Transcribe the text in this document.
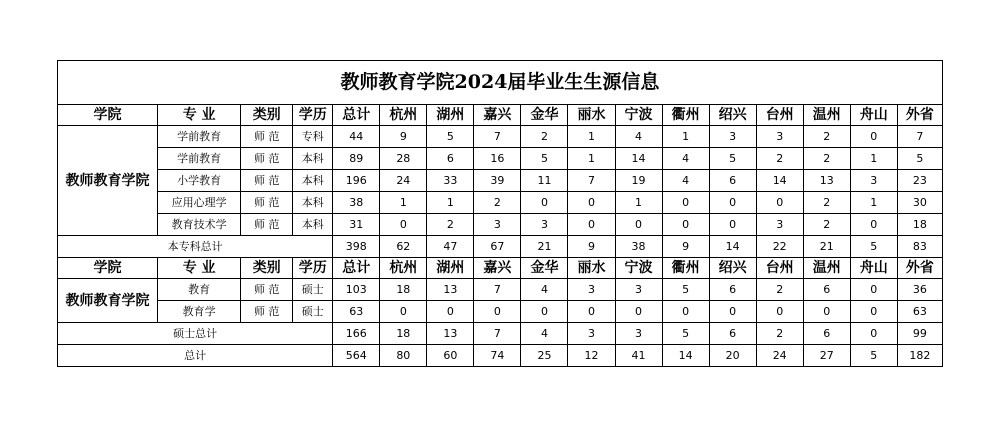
教师教育学院2024届毕业生生源信息																
学院	专 业	类别	学历	总计	杭州	湖州	嘉兴	金华	丽水	宁波	衢州	绍兴	台州	温州	舟山	外省
教师教育学院	学前教育	师 范	专科	44	9	5	7	2	1	4	1	3	3	2	0	7
	学前教育	师 范	本科	89	28	6	16	5	1	14	4	5	2	2	1	5
	小学教育	师 范	本科	196	24	33	39	11	7	19	4	6	14	13	3	23
	应用心理学	师 范	本科	38	1	1	2	0	0	1	0	0	0	2	1	30
	教育技术学	师 范	本科	31	0	2	3	3	0	0	0	0	3	2	0	18
本专科总计				398	62	47	67	21	9	38	9	14	22	21	5	83
学院	专 业	类别	学历	总计	杭州	湖州	嘉兴	金华	丽水	宁波	衢州	绍兴	台州	温州	舟山	外省
教师教育学院	教育	师 范	硕士	103	18	13	7	4	3	3	5	6	2	6	0	36
	教育学	师 范	硕士	63	0	0	0	0	0	0	0	0	0	0	0	63
硕士总计				166	18	13	7	4	3	3	5	6	2	6	0	99
总计				564	80	60	74	25	12	41	14	20	24	27	5	182
